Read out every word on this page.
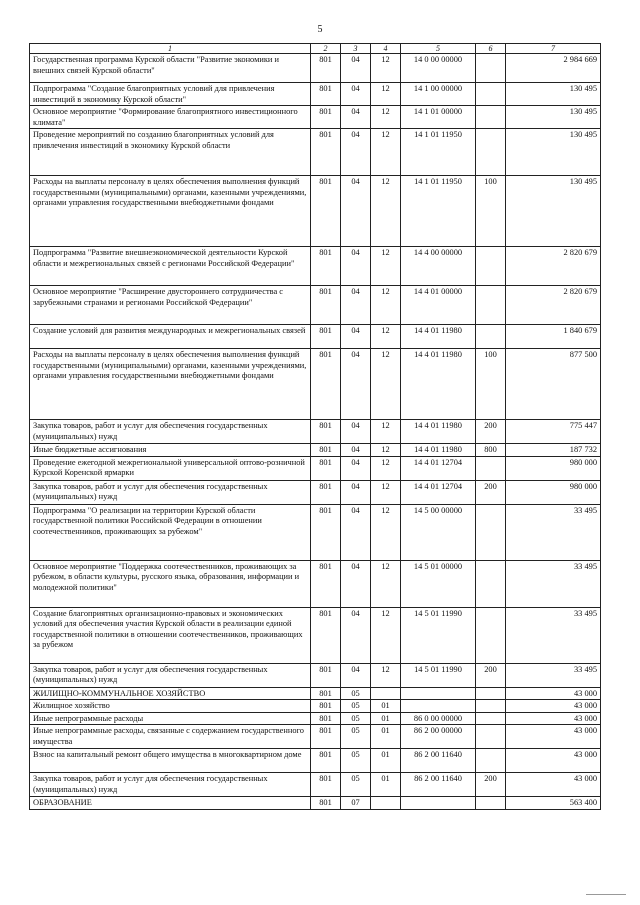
5
1	2	3	4	5	6	7
Государственная программа Курской области "Развитие экономики и внешних связей Курской области"	801	04	12	14 0 00 00000		2 984 669
Подпрограмма "Создание благоприятных условий для привлечения инвестиций в экономику Курской области"	801	04	12	14 1 00 00000		130 495
Основное мероприятие "Формирование благоприятного инвестиционного климата"	801	04	12	14 1 01 00000		130 495
Проведение мероприятий по созданию благоприятных условий для привлечения инвестиций в экономику Курской области	801	04	12	14 1 01 11950		130 495
Расходы на выплаты персоналу в целях обеспечения выполнения функций государственными (муниципальными) органами, казенными учреждениями, органами управления государственными внебюджетными фондами	801	04	12	14 1 01 11950	100	130 495
Подпрограмма "Развитие внешнеэкономической деятельности Курской области и межрегиональных связей с регионами Российской Федерации"	801	04	12	14 4 00 00000		2 820 679
Основное мероприятие "Расширение двустороннего сотрудничества с зарубежными странами и регионами Российской Федерации"	801	04	12	14 4 01 00000		2 820 679
Создание условий для развития международных и межрегиональных связей	801	04	12	14 4 01 11980		1 840 679
Расходы на выплаты персоналу в целях обеспечения выполнения функций государственными (муниципальными) органами, казенными учреждениями, органами управления государственными внебюджетными фондами	801	04	12	14 4 01 11980	100	877 500
Закупка товаров, работ и услуг для обеспечения государственных (муниципальных) нужд	801	04	12	14 4 01 11980	200	775 447
Иные бюджетные ассигнования	801	04	12	14 4 01 11980	800	187 732
Проведение ежегодной межрегиональной универсальной оптово-розничной Курской Коренской ярмарки	801	04	12	14 4 01 12704		980 000
Закупка товаров, работ и услуг для обеспечения государственных (муниципальных) нужд	801	04	12	14 4 01 12704	200	980 000
Подпрограмма "О реализации на территории Курской области государственной политики Российской Федерации в отношении соотечественников, проживающих за рубежом"	801	04	12	14 5 00 00000		33 495
Основное мероприятие "Поддержка соотечественников, проживающих за рубежом, в области культуры, русского языка, образования, информации и молодежной политики"	801	04	12	14 5 01 00000		33 495
Создание благоприятных организационно-правовых и экономических условий для обеспечения участия Курской области в реализации единой государственной политики в отношении соотечественников, проживающих за рубежом	801	04	12	14 5 01 11990		33 495
Закупка товаров, работ и услуг для обеспечения государственных (муниципальных) нужд	801	04	12	14 5 01 11990	200	33 495
ЖИЛИЩНО-КОММУНАЛЬНОЕ ХОЗЯЙСТВО	801	05				43 000
Жилищное хозяйство	801	05	01			43 000
Иные непрограммные расходы	801	05	01	86 0 00 00000		43 000
Иные непрограммные расходы, связанные с содержанием государственного имущества	801	05	01	86 2 00 00000		43 000
Взнос на капитальный ремонт общего имущества в многоквартирном доме	801	05	01	86 2 00 11640		43 000
Закупка товаров, работ и услуг для обеспечения государственных (муниципальных) нужд	801	05	01	86 2 00 11640	200	43 000
ОБРАЗОВАНИЕ	801	07				563 400
